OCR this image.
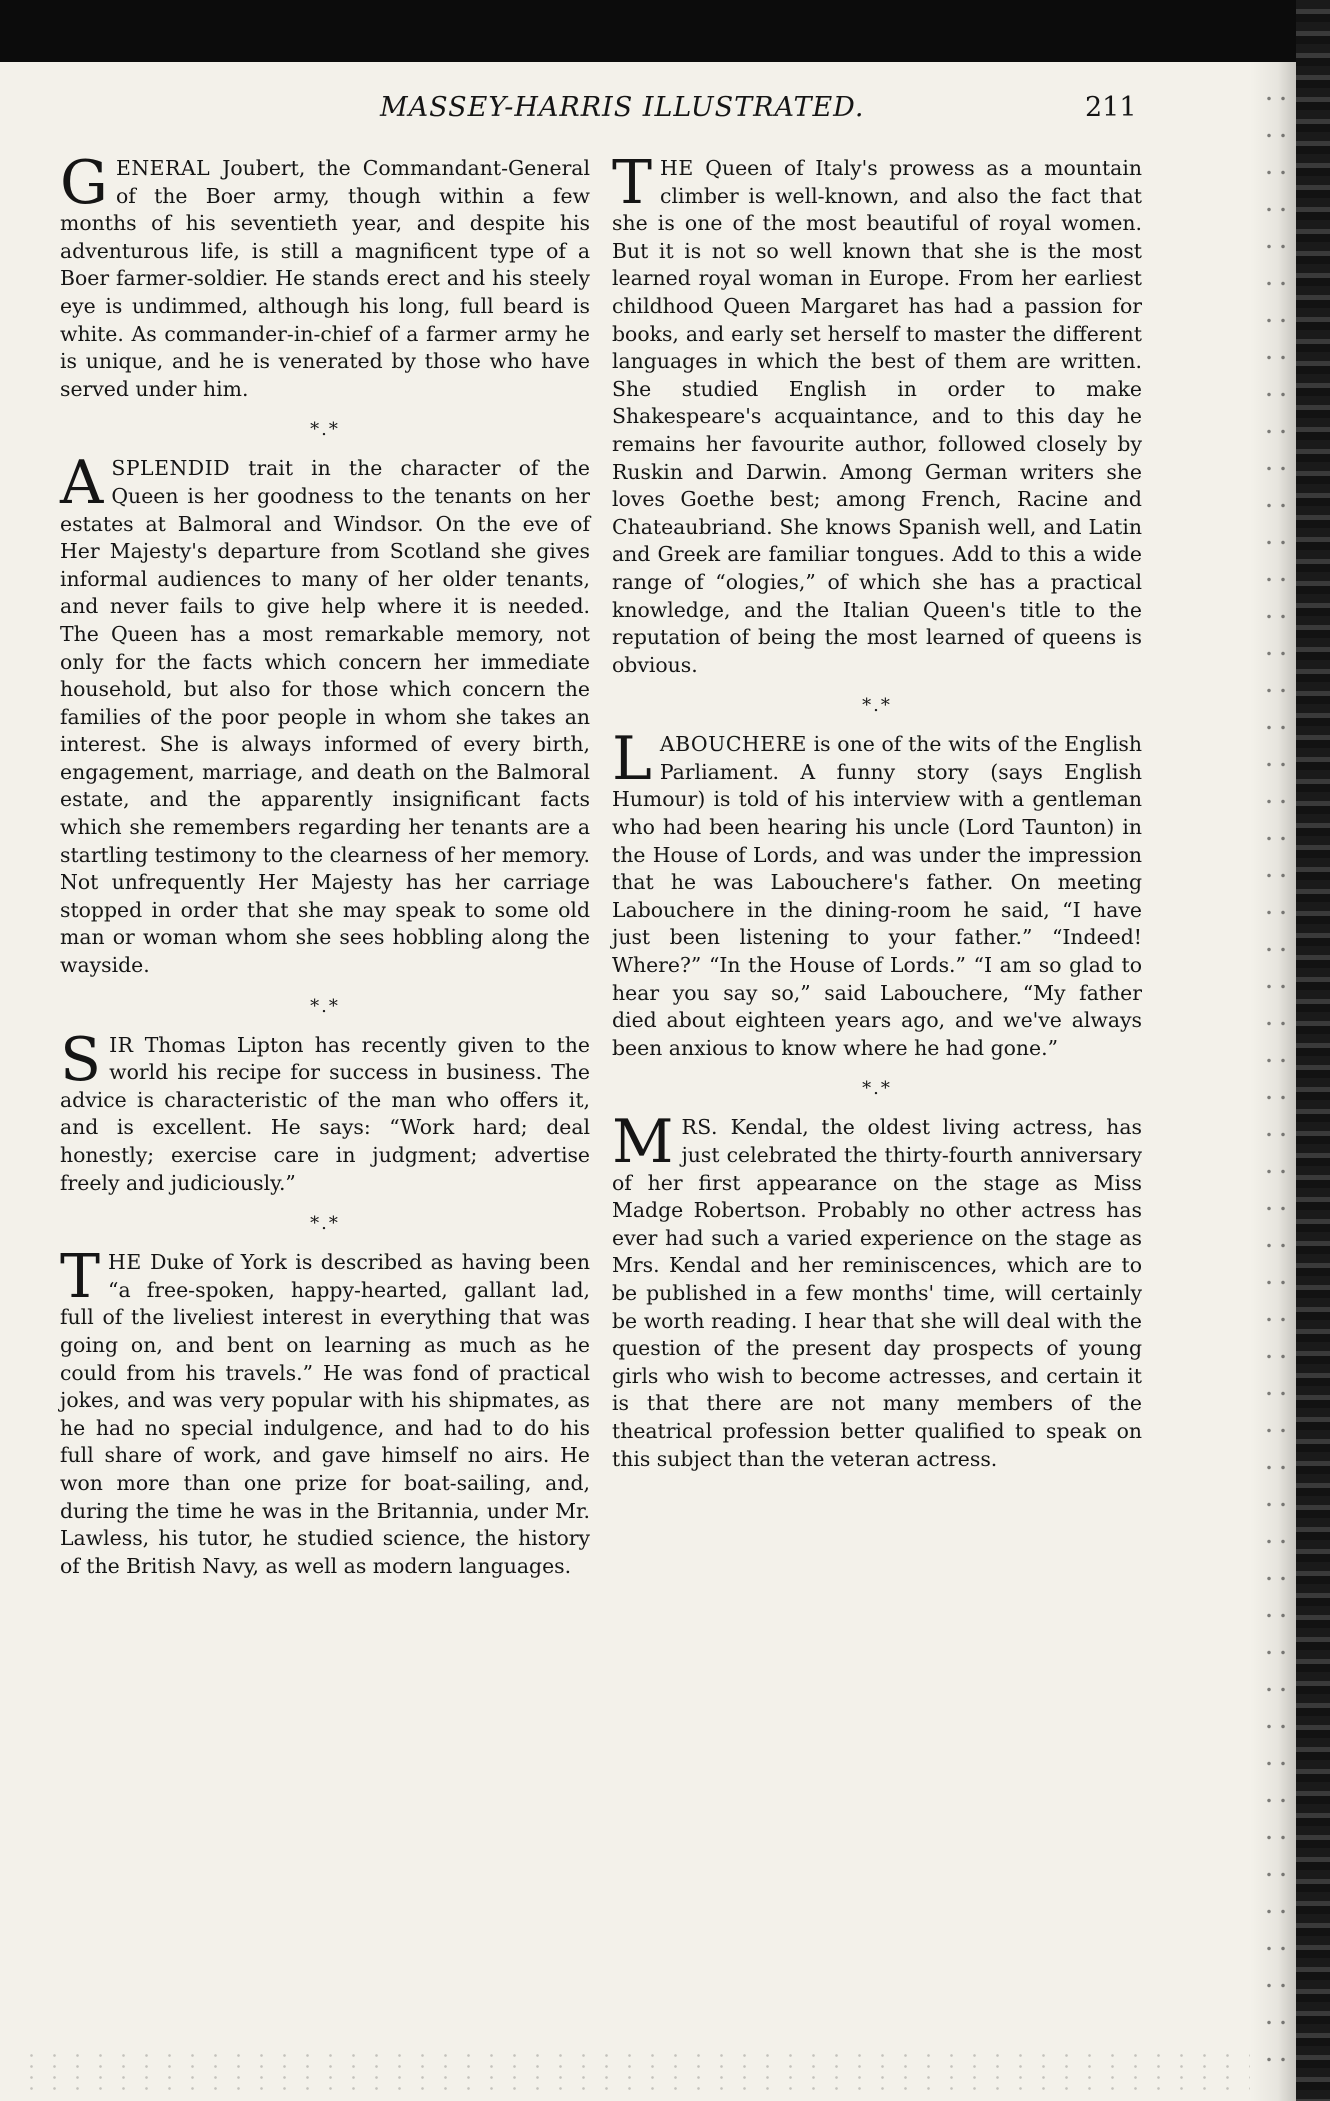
MASSEY-HARRIS ILLUSTRATED.	211

GENERAL Joubert, the Commandant-General of the Boer army, though within a few months of his seventieth year, and despite his adventurous life, is still a magnificent type of a Boer farmer-soldier. He stands erect and his steely eye is undimmed, although his long, full beard is white. As commander-in-chief of a farmer army he is unique, and he is venerated by those who have served under him.

*.*

ASPLENDID trait in the character of the Queen is her goodness to the tenants on her estates at Balmoral and Windsor. On the eve of Her Majesty's departure from Scotland she gives informal audiences to many of her older tenants, and never fails to give help where it is needed. The Queen has a most remarkable memory, not only for the facts which concern her immediate household, but also for those which concern the families of the poor people in whom she takes an interest. She is always informed of every birth, engagement, marriage, and death on the Balmoral estate, and the apparently insignificant facts which she remembers regarding her tenants are a startling testimony to the clearness of her memory. Not unfrequently Her Majesty has her carriage stopped in order that she may speak to some old man or woman whom she sees hobbling along the wayside.

*.*

SIR Thomas Lipton has recently given to the world his recipe for success in business. The advice is characteristic of the man who offers it, and is excellent. He says: “Work hard; deal honestly; exercise care in judgment; advertise freely and judiciously.”

*.*

THE Duke of York is described as having been “a free-spoken, happy-hearted, gallant lad, full of the liveliest interest in everything that was going on, and bent on learning as much as he could from his travels.” He was fond of practical jokes, and was very popular with his shipmates, as he had no special indulgence, and had to do his full share of work, and gave himself no airs. He won more than one prize for boat-sailing, and, during the time he was in the Britannia, under Mr. Lawless, his tutor, he studied science, the history of the British Navy, as well as modern languages.

THE Queen of Italy's prowess as a mountain climber is well-known, and also the fact that she is one of the most beautiful of royal women. But it is not so well known that she is the most learned royal woman in Europe. From her earliest childhood Queen Margaret has had a passion for books, and early set herself to master the different languages in which the best of them are written. She studied English in order to make Shakespeare's acquaintance, and to this day he remains her favourite author, followed closely by Ruskin and Darwin. Among German writers she loves Goethe best; among French, Racine and Chateaubriand. She knows Spanish well, and Latin and Greek are familiar tongues. Add to this a wide range of “ologies,” of which she has a practical knowledge, and the Italian Queen's title to the reputation of being the most learned of queens is obvious.

*.*

LABOUCHERE is one of the wits of the English Parliament. A funny story (says English Humour) is told of his interview with a gentleman who had been hearing his uncle (Lord Taunton) in the House of Lords, and was under the impression that he was Labouchere's father. On meeting Labouchere in the dining-room he said, “I have just been listening to your father.” “Indeed! Where?” “In the House of Lords.” “I am so glad to hear you say so,” said Labouchere, “My father died about eighteen years ago, and we've always been anxious to know where he had gone.”

*.*

MRS. Kendal, the oldest living actress, has just celebrated the thirty-fourth anniversary of her first appearance on the stage as Miss Madge Robertson. Probably no other actress has ever had such a varied experience on the stage as Mrs. Kendal and her reminiscences, which are to be published in a few months' time, will certainly be worth reading. I hear that she will deal with the question of the present day prospects of young girls who wish to become actresses, and certain it is that there are not many members of the theatrical profession better qualified to speak on this subject than the veteran actress.
